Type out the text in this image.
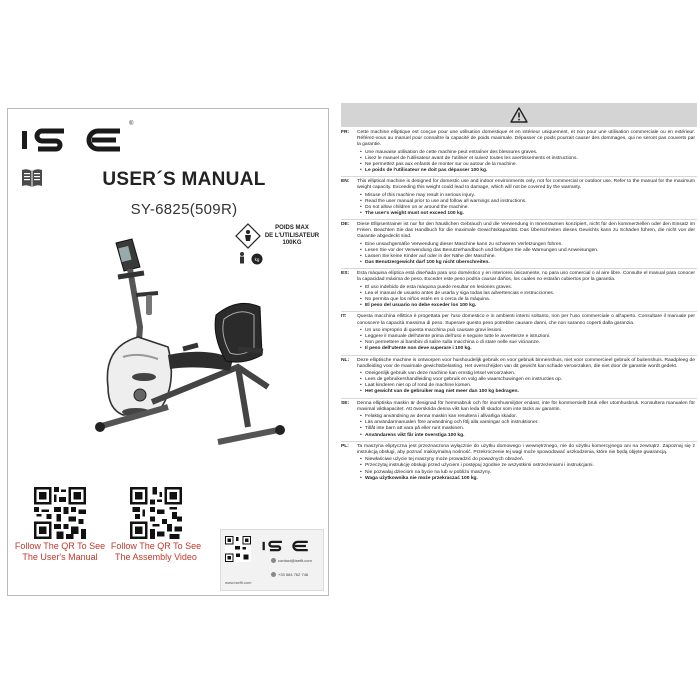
®
USER´S MANUAL
SY-6825(509R)
POIDS MAX
DE L'UTILISATEUR
100KG
kg
Follow The QR To See
The User's Manual
Follow The QR To See
The Assembly Video	contact@iseflt.com
+33 584 762 748
www.iseflt.com
FR:	Cette machine elliptique est conçue pour une utilisation domestique et en intérieur uniquement, et non pour une utilisation commerciale ou en extérieur. Référez-vous au manuel pour connaître la capacité de poids maximale. Dépasser ce poids pourrait causer des dommages, qui ne seront pas couverts par la garantie.

• Une mauvaise utilisation de cette machine peut entraîner des blessures graves.
• Lisez le manuel de l'utilisateur avant de l'utiliser et suivez toutes les avertissements et instructions.
• Ne permettez pas aux enfants de monter sur ou autour de la machine.
• Le poids de l'utilisateur ne doit pas dépasser 100 kg.
EN:	This elliptical machine is designed for domestic use and indoor environments only, not for commercial or outdoor use. Refer to the manual for the maximum weight capacity. Exceeding this weight could lead to damage, which will not be covered by the warranty.

• Misuse of this machine may result in serious injury.
• Read the user manual prior to use and follow all warnings and instructions.
• Do not allow children on or around the machine.
• The user's weight must not exceed 100 kg.
DE:	Diese Ellipsentrainer ist nur für den häuslichen Gebrauch und die Verwendung in Innenräumen konzipiert, nicht für den kommerziellen oder den Einsatz im Freien. Beachten Sie das Handbuch für die maximale Gewichtskapazität. Das Überschreiten dieses Gewichts kann zu Schäden führen, die nicht von der Garantie abgedeckt sind.

• Eine unsachgemäße Verwendung dieser Maschine kann zu schweren Verletzungen führen.
• Lesen Sie vor der Verwendung das Benutzerhandbuch und befolgen Sie alle Warnungen und Anweisungen.
• Lassen Sie keine Kinder auf oder in der Nähe der Maschine.
• Das Benutzergewicht darf 100 kg nicht überschreiten.
ES:	Esta máquina elíptica está diseñada para uso doméstico y en interiores únicamente, no para uso comercial o al aire libre. Consulte el manual para conocer la capacidad máxima de peso. Exceder este peso podría causar daños, los cuales no estarán cubiertos por la garantía.

• El uso indebido de esta máquina puede resultar en lesiones graves.
• Lea el manual de usuario antes de usarla y siga todas las advertencias e instrucciones.
• No permita que los niños estén en o cerca de la máquina.
• El peso del usuario no debe exceder los 100 kg.
IT:	Questa macchina ellittica è progettata per l'uso domestico e in ambienti interni soltanto, non per l'uso commerciale o all'aperto. Consultare il manuale per conoscere la capacità massima di peso. Superare questo peso potrebbe causare danni, che non saranno coperti dalla garanzia.

• Un uso improprio di questa macchina può causare gravi lesioni.
• Leggere il manuale dell'utente prima dell'uso e seguire tutte le avvertenze e istruzioni.
• Non permettere ai bambini di salire sulla macchina o di stare nelle sue vicinanze.
• Il peso dell'utente non deve superare i 100 kg.
NL:	Deze elliptische machine is ontworpen voor huishoudelijk gebruik en voor gebruik binnenshuis, niet voor commercieel gebruik of buitenshuis. Raadpleeg de handleiding voor de maximale gewichtsbelasting. Het overschrijden van dit gewicht kan schade veroorzaken, die niet door de garantie wordt gedekt.

• Oneigenlijk gebruik van deze machine kan ernstig letsel veroorzaken.
• Lees de gebruikershandleiding voor gebruik en volg alle waarschuwingen en instructies op.
• Laat kinderen niet op of rond de machine komen.
• Het gewicht van de gebruiker mag niet meer dan 100 kg bedragen.
SE:	Denna elliptiska maskin är designad för hemmabruk och för inomhusmiljöer endast, inte för kommersiellt bruk eller utomhusbruk. Konsultera manualen för maximal viktkapacitet. Att överskrida denna vikt kan leda till skador som inte täcks av garantin.

• Felaktig användning av denna maskin kan resultera i allvarliga skador.
• Läs användarmanualen före användning och följ alla varningar och instruktioner.
• Tillåt inte barn att vara på eller runt maskinen.
• Användarens vikt får inte överstiga 100 kg.
PL:	Ta maszyna eliptyczna jest przeznaczona wyłącznie do użytku domowego i wewnętrznego, nie do użytku komercyjnego ani na zewnątrz. Zapoznaj się z instrukcją obsługi, aby poznać maksymalną nośność. Przekroczenie tej wagi może spowodować uszkodzenia, które nie będą objęte gwarancją.

• Niewłaściwe użycie tej maszyny może prowadzić do poważnych obrażeń.
• Przeczytaj instrukcję obsługi przed użyciem i postępuj zgodnie ze wszystkimi ostrzeżeniami i instrukcjami.
• Nie pozwalaj dzieciom na bycie na lub w pobliżu maszyny.
• Waga użytkownika nie może przekraczać 100 kg.
